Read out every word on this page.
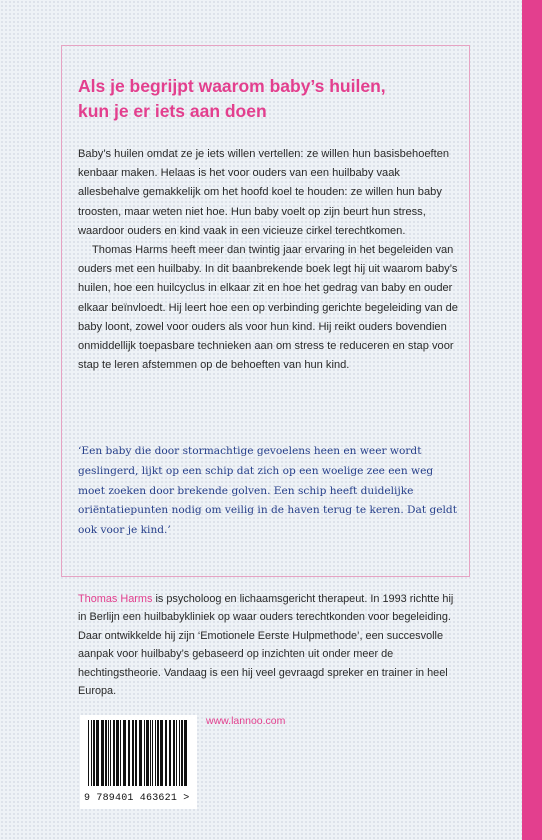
Als je begrijpt waarom baby’s huilen,
kun je er iets aan doen

Baby’s huilen omdat ze je iets willen vertellen: ze willen hun basisbehoeften kenbaar maken. Helaas is het voor ouders van een huilbaby vaak allesbehalve gemakkelijk om het hoofd koel te houden: ze willen hun baby troosten, maar weten niet hoe. Hun baby voelt op zijn beurt hun stress, waardoor ouders en kind vaak in een vicieuze cirkel terechtkomen.

Thomas Harms heeft meer dan twintig jaar ervaring in het begeleiden van ouders met een huilbaby. In dit baanbrekende boek legt hij uit waarom baby’s huilen, hoe een huilcyclus in elkaar zit en hoe het gedrag van baby en ouder elkaar beïnvloedt. Hij leert hoe een op verbinding gerichte begeleiding van de baby loont, zowel voor ouders als voor hun kind. Hij reikt ouders bovendien onmiddellijk toepasbare technieken aan om stress te reduceren en stap voor stap te leren afstemmen op de behoeften van hun kind.

‘Een baby die door stormachtige gevoelens heen en weer wordt geslingerd, lijkt op een schip dat zich op een woelige zee een weg moet zoeken door brekende golven. Een schip heeft duidelijke oriëntatiepunten nodig om veilig in de haven terug te keren. Dat geldt ook voor je kind.’

Thomas Harms is psycholoog en lichaamsgericht therapeut. In 1993 richtte hij in Berlijn een huilbabykliniek op waar ouders terechtkonden voor begeleiding. Daar ontwikkelde hij zijn ‘Emotionele Eerste Hulpmethode’, een succesvolle aanpak voor huilbaby’s gebaseerd op inzichten uit onder meer de hechtingstheorie. Vandaag is een hij veel gevraagd spreker en trainer in heel Europa.

www.lannoo.com
9 789401 463621 >
